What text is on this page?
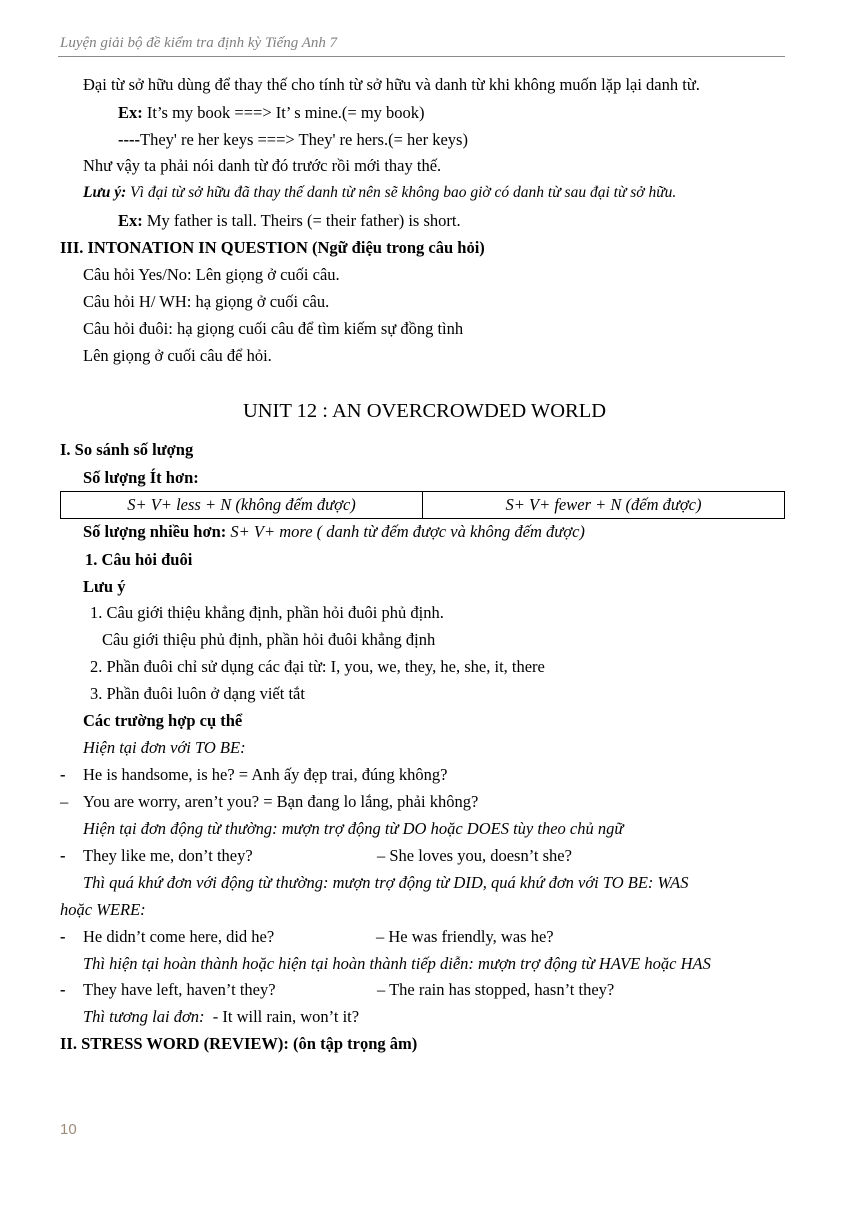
Luyện giải bộ đề kiểm tra định kỳ Tiếng Anh 7
Đại từ sở hữu dùng để thay thế cho tính từ sở hữu và danh từ khi không muốn lặp lại danh từ.
Ex: It’s my book ===> It’ s mine.(= my book)
----They' re her keys ===> They' re hers.(= her keys)
Như vậy ta phải nói danh từ đó trước rồi mới thay thế.
Lưu ý: Vì đại từ sở hữu đã thay thế danh từ nên sẽ không bao giờ có danh từ sau đại từ sở hữu.
Ex: My father is tall. Theirs (= their father) is short.
III. INTONATION IN QUESTION (Ngữ điệu trong câu hỏi)
Câu hỏi Yes/No: Lên giọng ở cuối câu.
Câu hỏi H/ WH: hạ giọng ở cuối câu.
Câu hỏi đuôi: hạ giọng cuối câu để tìm kiếm sự đồng tình
Lên giọng ở cuối câu để hỏi.
UNIT 12 : AN OVERCROWDED WORLD
I. So sánh số lượng
Số lượng Ít hơn:
S+ V+ less + N (không đếm được)	S+ V+ fewer + N (đếm được)
Số lượng nhiều hơn: S+ V+ more ( danh từ đếm được và không đếm được)
1. Câu hỏi đuôi
Lưu ý
1. Câu giới thiệu khẳng định, phần hỏi đuôi phủ định.
Câu giới thiệu phủ định, phần hỏi đuôi khẳng định
2. Phần đuôi chỉ sử dụng các đại từ: I, you, we, they, he, she, it, there
3. Phần đuôi luôn ở dạng viết tắt
Các trường hợp cụ thể
Hiện tại đơn với TO BE:
- He is handsome, is he? = Anh ấy đẹp trai, đúng không?
– You are worry, aren’t you? = Bạn đang lo lắng, phải không?
Hiện tại đơn động từ thường: mượn trợ động từ DO hoặc DOES tùy theo chủ ngữ
- They like me, don’t they?	– She loves you, doesn’t she?
Thì quá khứ đơn với động từ thường: mượn trợ động từ DID, quá khứ đơn với TO BE: WAS
hoặc WERE:
- He didn’t come here, did he?	– He was friendly, was he?
Thì hiện tại hoàn thành hoặc hiện tại hoàn thành tiếp diễn: mượn trợ động từ HAVE hoặc HAS
- They have left, haven’t they?	– The rain has stopped, hasn’t they?
Thì tương lai đơn:  - It will rain, won’t it?
II. STRESS WORD (REVIEW): (ôn tập trọng âm)
10
